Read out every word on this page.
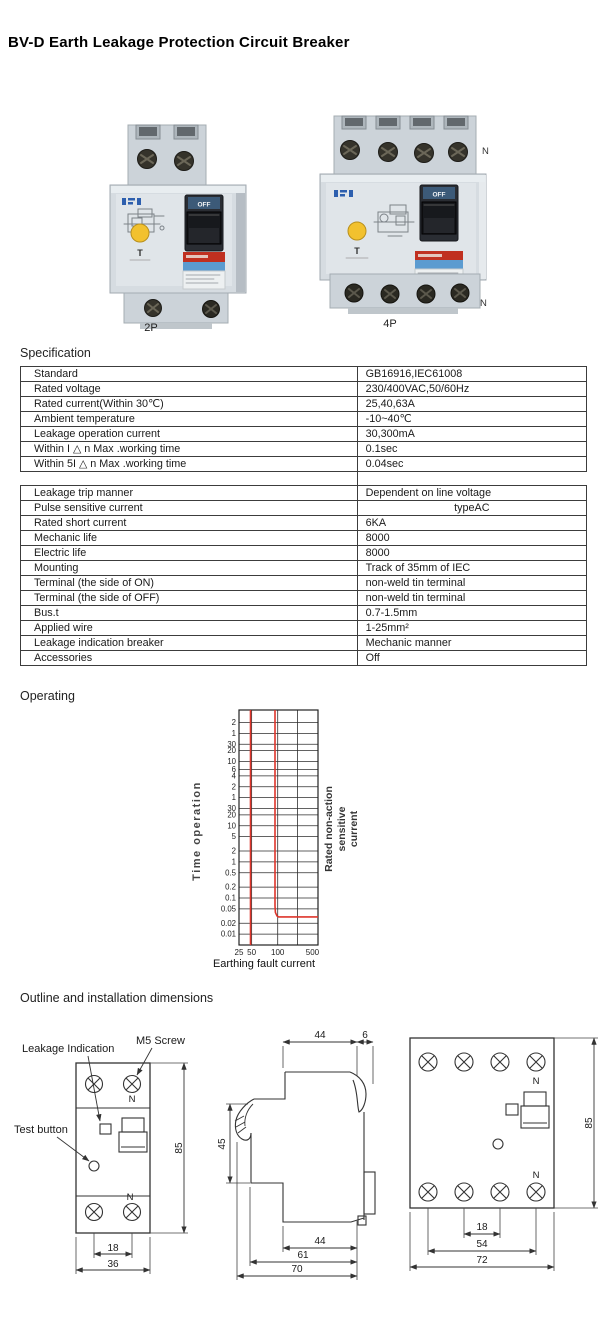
BV-D Earth Leakage Protection Circuit Breaker
OFF
T
2P
N
OFF
T
N
4P
Specification
Standard	GB16916,IEC61008
Rated voltage	230/400VAC,50/60Hz
Rated current(Within 30℃)	25,40,63A
Ambient temperature	-10~40℃
Leakage operation current	30,300mA
Within I △ n Max .working time	0.1sec
Within 5I △ n Max .working time	0.04sec

Leakage trip manner	Dependent on line voltage
Pulse sensitive current	typeAC
Rated short current	6KA
Mechanic life	8000
Electric life	8000
Mounting	Track of 35mm of IEC
Terminal (the side of ON)	non-weld tin terminal
Terminal (the side of OFF)	non-weld tin terminal
Bus.t	0.7-1.5mm
Applied wire	1-25mm²
Leakage indication breaker	Mechanic manner
Accessories	Off
Operating
Time operation
2
1
30
20
10
6
4
2
1
30
20
10
5
2
1
0.5
0.2
0.1
0.05
0.02
0.01
25 50 100	500
Rated non-action sensitive current
Earthing fault current
Outline and installation dimensions
Leakage Indication
M5 Screw
Test button
N
N
85
18
36
44	6
45
44
61
70
N
N
85
18
54
72
